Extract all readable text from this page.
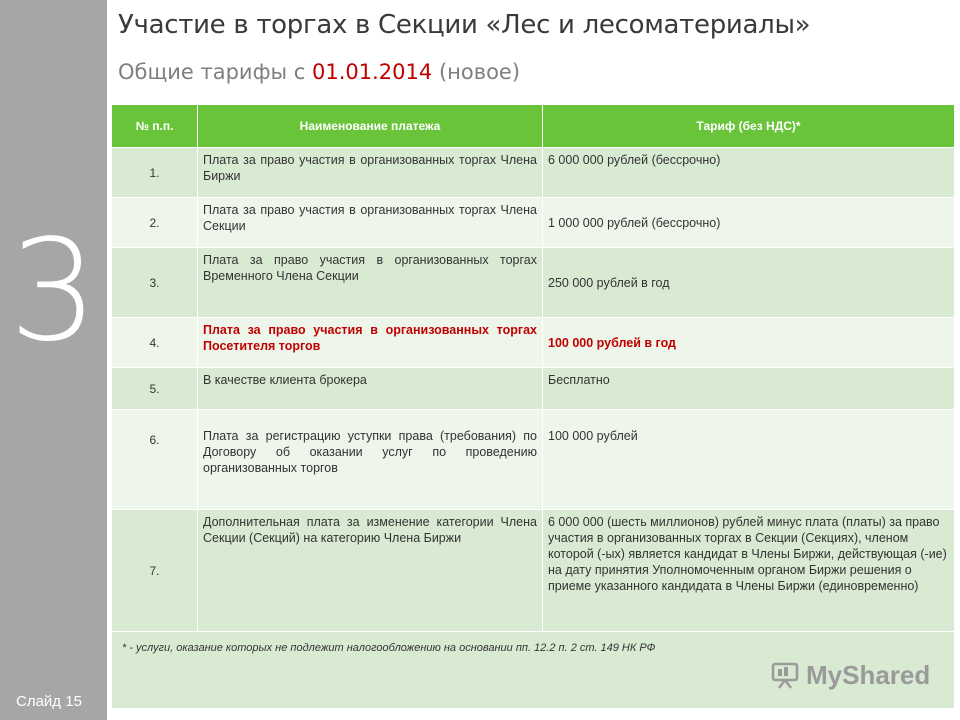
3
Слайд 15
Участие в торгах в Секции «Лес и лесоматериалы»
Общие тарифы с 01.01.2014 (новое)
№ п.п.	Наименование платежа	Тариф (без НДС)*
1.	Плата за право участия в организованных торгах Члена Биржи	6 000 000 рублей (бессрочно)
2.	Плата за право участия в организованных торгах Члена Секции	1 000 000 рублей (бессрочно)
3.	Плата за право участия в организованных торгах Временного Члена Секции	250 000 рублей в год
4.	Плата за право участия в организованных торгах Посетителя торгов	100 000 рублей в год
5.	В качестве клиента брокера	Бесплатно
6.	Плата за регистрацию уступки права (требования) по Договору об оказании услуг по проведению организованных торгов	100 000 рублей
7.	Дополнительная плата за изменение категории Члена Секции (Секций) на категорию Члена Биржи	6 000 000 (шесть миллионов) рублей минус плата (платы) за право участия в организованных торгах в Секции (Секциях), членом которой (-ых) является кандидат в Члены Биржи, действующая (-ие) на дату принятия Уполномоченным органом Биржи решения о приеме указанного кандидата в Члены Биржи (единовременно)
* - услуги, оказание которых не подлежит налогообложению на основании пп. 12.2 п. 2 ст. 149 НК РФ		
MyShared
